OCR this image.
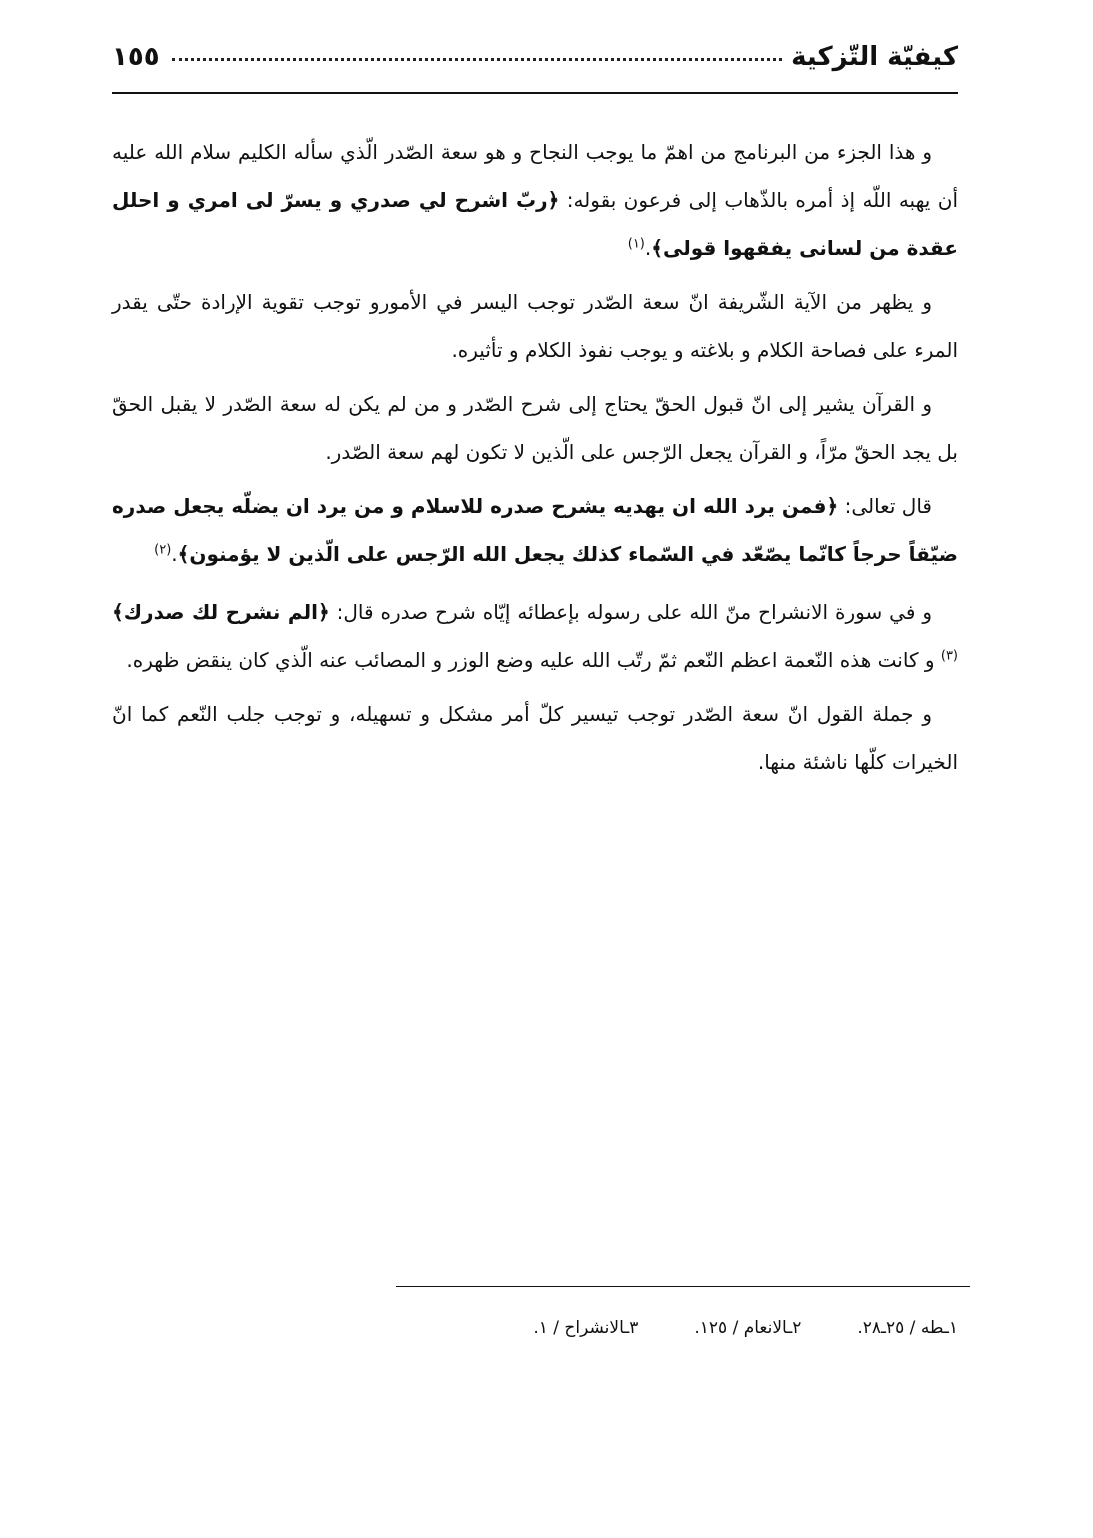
كيفيّة التّزكية
١٥٥

و هذا الجزء من البرنامج من اهمّ ما يوجب النجاح و هو سعة الصّدر الّذي سأله الكليم سلام الله عليه أن يهبه اللّه إذ أمره بالذّهاب إلى فرعون بقوله: ﴿ربّ اشرح لي صدري و يسرّ لى امري و احلل عقدة من لسانى يفقهوا قولى﴾.$^{(١)}$

و يظهر من الآية الشّريفة انّ سعة الصّدر توجب اليسر في الأمورو توجب تقوية الإرادة حتّى يقدر المرء على فصاحة الكلام و بلاغته و يوجب نفوذ الكلام و تأثيره.

و القرآن يشير إلى انّ قبول الحقّ يحتاج إلى شرح الصّدر و من لم يكن له سعة الصّدر لا يقبل الحقّ بل يجد الحقّ مرّاً، و القرآن يجعل الرّجس على الّذين لا تكون لهم سعة الصّدر.

قال تعالى: ﴿فمن يرد الله ان يهديه يشرح صدره للاسلام و من يرد ان يضلّه يجعل صدره ضيّقاً حرجاً كانّما يصّعّد في السّماء كذلك يجعل الله الرّجس على الّذين لا يؤمنون﴾.$^{(٢)}$

و في سورة الانشراح منّ الله على رسوله بإعطائه إيّاه شرح صدره قال: ﴿الم نشرح لك صدرك﴾$^{(٣)}$ و كانت هذه النّعمة اعظم النّعم ثمّ رتّب الله عليه وضع الوزر و المصائب عنه الّذي كان ينقض ظهره.

و جملة القول انّ سعة الصّدر توجب تيسير كلّ أمر مشكل و تسهيله، و توجب جلب النّعم كما انّ الخيرات كلّها ناشئة منها.

١ـطه / ٢٥ـ٢٨.
٢ـالانعام / ١٢٥.
٣ـالانشراح / ١.
